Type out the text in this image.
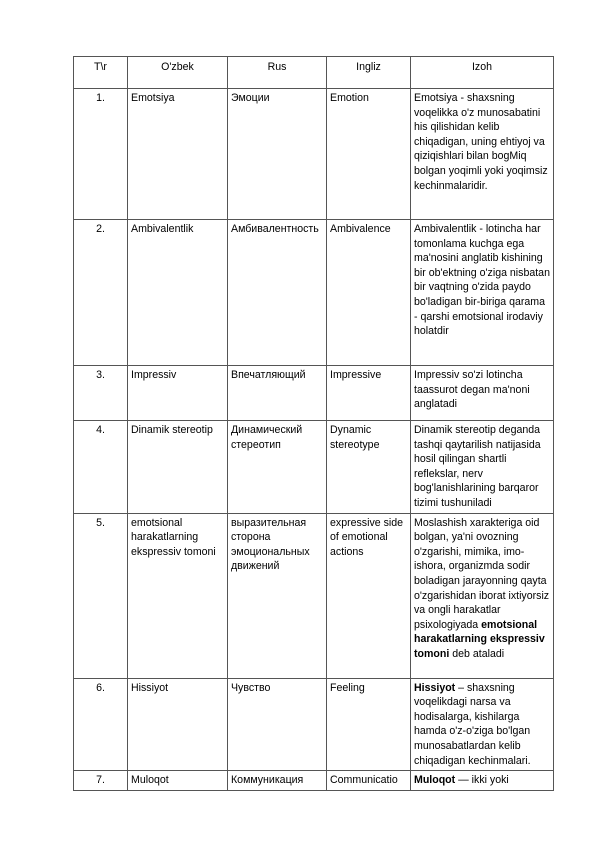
T\r	O'zbek	Rus	Ingliz	Izoh
1.	Emotsiya	Эмоции	Emotion	Emotsiya - shaxsning voqelikka o'z munosabatini his qilishidan kelib chiqadigan, uning ehtiyoj va qiziqishlari bilan bogMiq bolgan yoqimli yoki yoqimsiz kechinmalaridir.
2.	Ambivalentlik	Амбивалентность	Ambivalence	Ambivalentlik - lotincha har tomonlama kuchga ega ma'nosini anglatib kishining bir ob'ektning o'ziga nisbatan bir vaqtning o'zida paydo bo'ladigan bir-biriga qarama - qarshi emotsional irodaviy holatdir
3.	Impressiv	Впечатляющий	Impressive	Impressiv so'zi lotincha taassurot degan ma'noni anglatadi
4.	Dinamik stereotip	Динамический стереотип	Dynamic stereotype	Dinamik stereotip deganda tashqi qaytarilish natijasida hosil qilingan shartli reflekslar, nerv bog'lanishlarining barqaror tizimi tushuniladi
5.	emotsional harakatlarning ekspressiv tomoni	выразительная сторона эмоциональных движений	expressive side of emotional actions	Moslashish xarakteriga oid bolgan, ya'ni ovozning o'zgarishi, mimika, imo-ishora, organizmda sodir boladigan jarayonning qayta o'zgarishidan iborat ixtiyorsiz va ongli harakatlar psixologiyada emotsional harakatlarning ekspressiv tomoni deb ataladi
6.	Hissiyot	Чувство	Feeling	Hissiyot – shaxsning voqelikdagi narsa va hodisalarga, kishilarga hamda o'z-o'ziga bo'lgan munosabatlardan kelib chiqadigan kechinmalari.
7.	Muloqot	Коммуникация	Communicatio	Muloqot — ikki yoki
